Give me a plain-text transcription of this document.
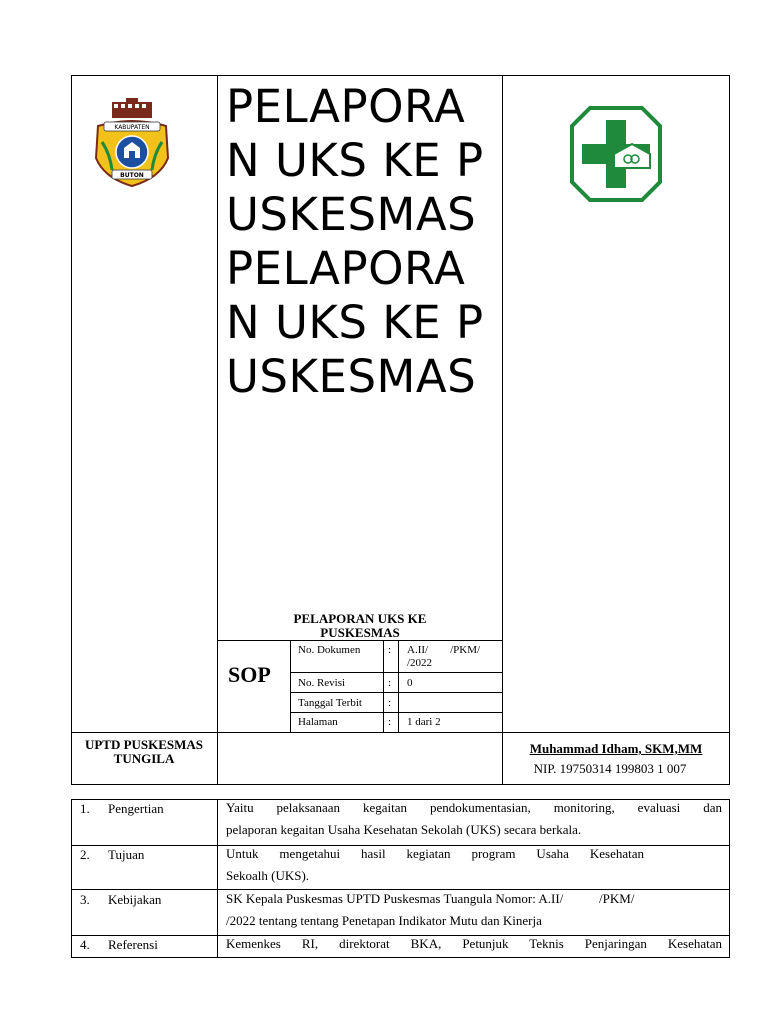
KABUPATEN
BUTON
PELAPORAN UKS KE PUSKESMAS PELAPORAN UKS KE PUSKESMAS
PELAPORAN UKS KE PUSKESMAS
SOP
No. Dokumen	: A.II/        /PKM/
/2022
No. Revisi	: 0
Tanggal Terbit :
Halaman	: 1 dari 2
UPTD PUSKESMAS TUNGILA
Muhammad Idham, SKM,MM
NIP. 19750314 199803 1 007
1. Pengertian	Yaitu pelaksanaan kegaitan pendokumentasian, monitoring, evaluasi dan
pelaporan kegaitan Usaha Kesehatan Sekolah (UKS) secara berkala.
2. Tujuan	Untuk mengetahui hasil kegiatan program Usaha Kesehatan
Sekoalh (UKS).
3. Kebijakan	SK Kepala Puskesmas UPTD Puskesmas Tuangula Nomor: A.II/           /PKM/
/2022 tentang tentang Penetapan Indikator Mutu dan Kinerja
4. Referensi	Kemenkes RI, direktorat BKA, Petunjuk Teknis Penjaringan Kesehatan
